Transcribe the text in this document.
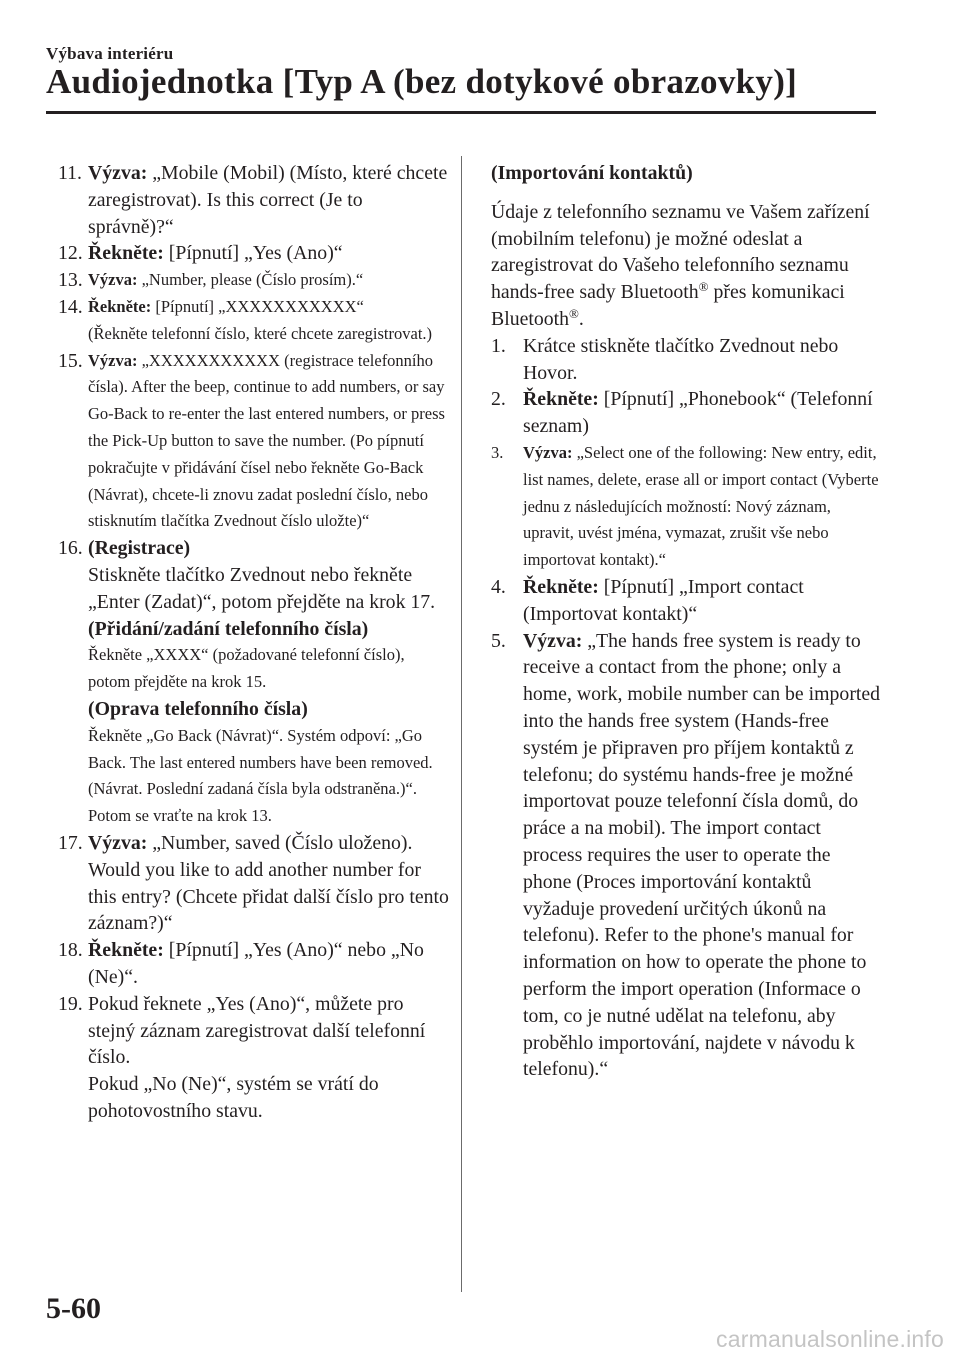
Výbava interiéru
Audiojednotka [Typ A (bez dotykové obrazovky)]
11. Výzva: „Mobile (Mobil) (Místo, které chcete zaregistrovat). Is this correct (Je to správně)?“
12. Řekněte: [Pípnutí] „Yes (Ano)“
13. Výzva: „Number, please (Číslo prosím).“
14. Řekněte: [Pípnutí] „XXXXXXXXXXX“
(Řekněte telefonní číslo, které chcete zaregistrovat.)
15. Výzva: „XXXXXXXXXXX (registrace telefonního čísla). After the beep, continue to add numbers, or say Go-Back to re-enter the last entered numbers, or press the Pick-Up button to save the number. (Po pípnutí pokračujte v přidávání čísel nebo řekněte Go-Back (Návrat), chcete-li znovu zadat poslední číslo, nebo stisknutím tlačítka Zvednout číslo uložte)“
16. (Registrace)
Stiskněte tlačítko Zvednout nebo řekněte „Enter (Zadat)“, potom přejděte na krok 17.
(Přidání/zadání telefonního čísla)
Řekněte „XXXX“ (požadované telefonní číslo), potom přejděte na krok 15.
(Oprava telefonního čísla)
Řekněte „Go Back (Návrat)“. Systém odpoví: „Go Back. The last entered numbers have been removed. (Návrat. Poslední zadaná čísla byla odstraněna.)“. Potom se vraťte na krok 13.
17. Výzva: „Number, saved (Číslo uloženo). Would you like to add another number for this entry? (Chcete přidat další číslo pro tento záznam?)“
18. Řekněte: [Pípnutí] „Yes (Ano)“ nebo „No (Ne)“.
19. Pokud řeknete „Yes (Ano)“, můžete pro stejný záznam zaregistrovat další telefonní číslo.
Pokud „No (Ne)“, systém se vrátí do pohotovostního stavu.
(Importování kontaktů)
Údaje z telefonního seznamu ve Vašem zařízení (mobilním telefonu) je možné odeslat a zaregistrovat do Vašeho telefonního seznamu hands-free sady Bluetooth® přes komunikaci Bluetooth®.
1. Krátce stiskněte tlačítko Zvednout nebo Hovor.
2. Řekněte: [Pípnutí] „Phonebook“ (Telefonní seznam)
3. Výzva: „Select one of the following: New entry, edit, list names, delete, erase all or import contact (Vyberte jednu z následujících možností: Nový záznam, upravit, uvést jména, vymazat, zrušit vše nebo importovat kontakt).“
4. Řekněte: [Pípnutí] „Import contact (Importovat kontakt)“
5. Výzva: „The hands free system is ready to receive a contact from the phone; only a home, work, mobile number can be imported into the hands free system (Hands-free systém je připraven pro příjem kontaktů z telefonu; do systému hands-free je možné importovat pouze telefonní čísla domů, do práce a na mobil). The import contact process requires the user to operate the phone (Proces importování kontaktů vyžaduje provedení určitých úkonů na telefonu). Refer to the phone's manual for information on how to operate the phone to perform the import operation (Informace o tom, co je nutné udělat na telefonu, aby proběhlo importování, najdete v návodu k telefonu).“
5-60
carmanualsonline.info
